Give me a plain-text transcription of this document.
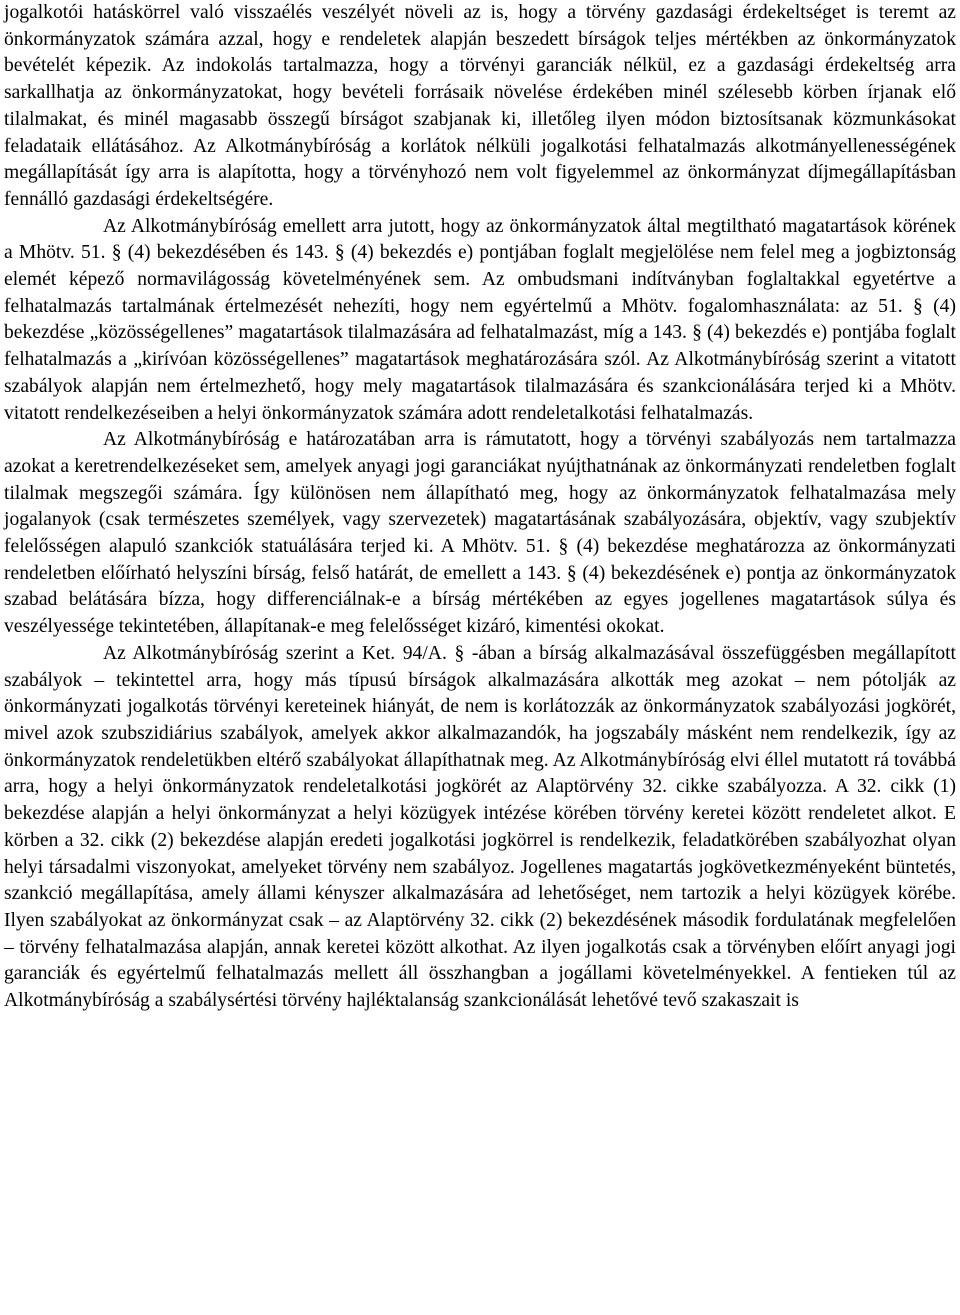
jogalkotói hatáskörrel való visszaélés veszélyét növeli az is, hogy a törvény gazdasági érdekeltséget is teremt az önkormányzatok számára azzal, hogy e rendeletek alapján beszedett bírságok teljes mértékben az önkormányzatok bevételét képezik. Az indokolás tartalmazza, hogy a törvényi garanciák nélkül, ez a gazdasági érdekeltség arra sarkallhatja az önkormányzatokat, hogy bevételi forrásaik növelése érdekében minél szélesebb körben írjanak elő tilalmakat, és minél magasabb összegű bírságot szabjanak ki, illetőleg ilyen módon biztosítsanak közmunkásokat feladataik ellátásához. Az Alkotmánybíróság a korlátok nélküli jogalkotási felhatalmazás alkotmányellenességének megállapítását így arra is alapította, hogy a törvényhozó nem volt figyelemmel az önkormányzat díjmegállapításban fennálló gazdasági érdekeltségére.

Az Alkotmánybíróság emellett arra jutott, hogy az önkormányzatok által megtiltható magatartások körének a Mhötv. 51. § (4) bekezdésében és 143. § (4) bekezdés e) pontjában foglalt megjelölése nem felel meg a jogbiztonság elemét képező normavilágosság követelményének sem. Az ombudsmani indítványban foglaltakkal egyetértve a felhatalmazás tartalmának értelmezését nehezíti, hogy nem egyértelmű a Mhötv. fogalomhasználata: az 51. § (4) bekezdése „közösségellenes” magatartások tilalmazására ad felhatalmazást, míg a 143. § (4) bekezdés e) pontjába foglalt felhatalmazás a „kirívóan közösségellenes” magatartások meghatározására szól. Az Alkotmánybíróság szerint a vitatott szabályok alapján nem értelmezhető, hogy mely magatartások tilalmazására és szankcionálására terjed ki a Mhötv. vitatott rendelkezéseiben a helyi önkormányzatok számára adott rendeletalkotási felhatalmazás.

Az Alkotmánybíróság e határozatában arra is rámutatott, hogy a törvényi szabályozás nem tartalmazza azokat a keretrendelkezéseket sem, amelyek anyagi jogi garanciákat nyújthatnának az önkormányzati rendeletben foglalt tilalmak megszegői számára. Így különösen nem állapítható meg, hogy az önkormányzatok felhatalmazása mely jogalanyok (csak természetes személyek, vagy szervezetek) magatartásának szabályozására, objektív, vagy szubjektív felelősségen alapuló szankciók statuálására terjed ki. A Mhötv. 51. § (4) bekezdése meghatározza az önkormányzati rendeletben előírható helyszíni bírság, felső határát, de emellett a 143. § (4) bekezdésének e) pontja az önkormányzatok szabad belátására bízza, hogy differenciálnak-e a bírság mértékében az egyes jogellenes magatartások súlya és veszélyessége tekintetében, állapítanak-e meg felelősséget kizáró, kimentési okokat.

Az Alkotmánybíróság szerint a Ket. 94/A. § -ában a bírság alkalmazásával összefüggésben megállapított szabályok – tekintettel arra, hogy más típusú bírságok alkalmazására alkották meg azokat – nem pótolják az önkormányzati jogalkotás törvényi kereteinek hiányát, de nem is korlátozzák az önkormányzatok szabályozási jogkörét, mivel azok szubszidiárius szabályok, amelyek akkor alkalmazandók, ha jogszabály másként nem rendelkezik, így az önkormányzatok rendeletükben eltérő szabályokat állapíthatnak meg. Az Alkotmánybíróság elvi éllel mutatott rá továbbá arra, hogy a helyi önkormányzatok rendeletalkotási jogkörét az Alaptörvény 32. cikke szabályozza. A 32. cikk (1) bekezdése alapján a helyi önkormányzat a helyi közügyek intézése körében törvény keretei között rendeletet alkot. E körben a 32. cikk (2) bekezdése alapján eredeti jogalkotási jogkörrel is rendelkezik, feladatkörében szabályozhat olyan helyi társadalmi viszonyokat, amelyeket törvény nem szabályoz. Jogellenes magatartás jogkövetkezményeként büntetés, szankció megállapítása, amely állami kényszer alkalmazására ad lehetőséget, nem tartozik a helyi közügyek körébe. Ilyen szabályokat az önkormányzat csak – az Alaptörvény 32. cikk (2) bekezdésének második fordulatának megfelelően – törvény felhatalmazása alapján, annak keretei között alkothat. Az ilyen jogalkotás csak a törvényben előírt anyagi jogi garanciák és egyértelmű felhatalmazás mellett áll összhangban a jogállami követelményekkel. A fentieken túl az Alkotmánybíróság a szabálysértési törvény hajléktalanság szankcionálását lehetővé tevő szakaszait is
